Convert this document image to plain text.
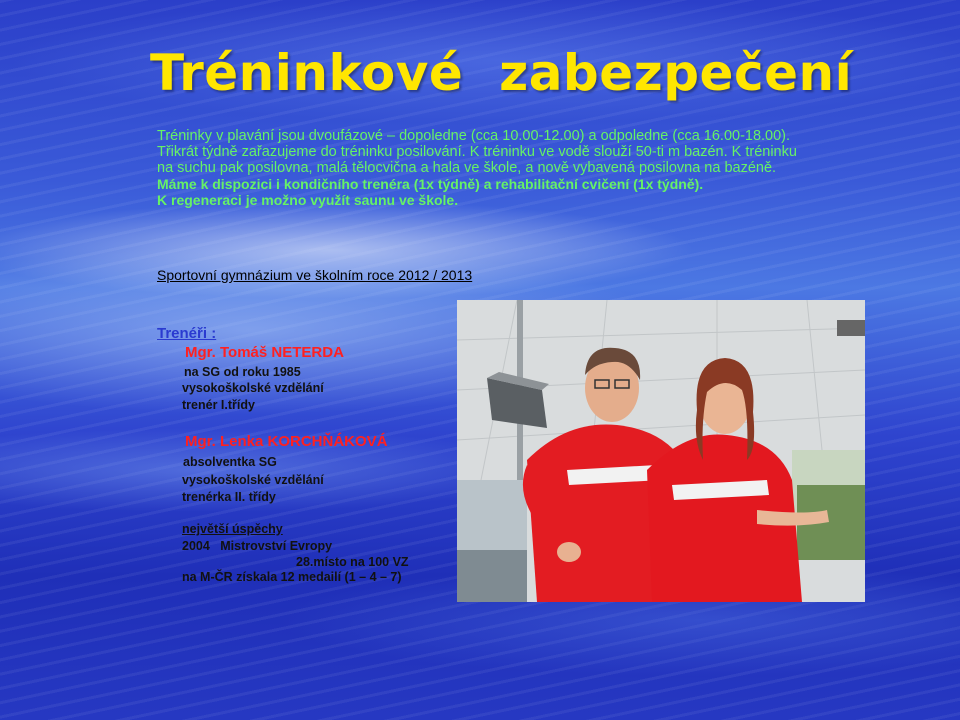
Tréninkové  zabezpečení
Tréninky v plavání jsou dvoufázové – dopoledne (cca 10.00-12.00) a odpoledne (cca 16.00-18.00). Třikrát týdně zařazujeme do tréninku posilování. K tréninku ve vodě slouží 50-ti m bazén. K tréninku na suchu pak posilovna, malá tělocvična a hala ve škole, a nově vybavená posilovna na bazéně.
Máme k dispozici i kondičního trenéra (1x týdně) a rehabilitační cvičení (1x týdně).
K regeneraci je možno využít saunu ve škole.
Sportovní gymnázium ve školním roce 2012 / 2013
Trenéři :
Mgr. Tomáš NETERDA
na SG od roku 1985
vysokoškolské vzdělání
trenér I.třídy
Mgr. Lenka KORCHŇÁKOVÁ
absolventka SG
vysokoškolské vzdělání
trenérka II. třídy
největší úspěchy
2004   Mistrovství Evropy
28.místo na 100 VZ
na M-ČR získala 12 medailí (1 – 4 – 7)
